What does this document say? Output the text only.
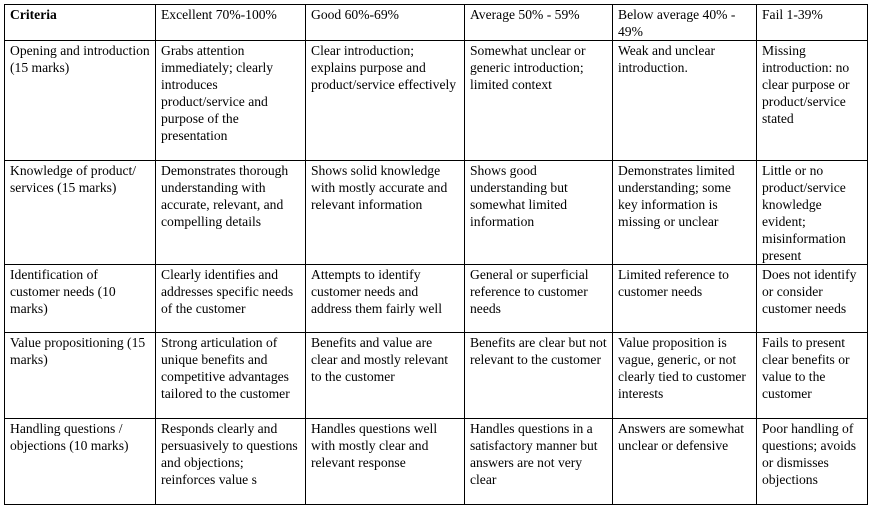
Criteria	Excellent 70%-100%	Good 60%-69%	Average 50% - 59%	Below average 40% - 49%	Fail 1-39%
Opening and introduction (15 marks)	Grabs attention immediately; clearly introduces product/service and purpose of the presentation	Clear introduction; explains purpose and product/service effectively	Somewhat unclear or generic introduction; limited context	Weak and unclear introduction.	Missing introduction: no clear purpose or product/service stated
Knowledge of product/ services (15 marks)	Demonstrates thorough understanding with accurate, relevant, and compelling details	Shows solid knowledge with mostly accurate and relevant information	Shows good understanding but somewhat limited information	Demonstrates limited understanding; some key information is missing or unclear	Little or no product/service knowledge evident; misinformation present
Identification of customer needs (10 marks)	Clearly identifies and addresses specific needs of the customer	Attempts to identify customer needs and address them fairly well	General or superficial reference to customer needs	Limited reference to customer needs	Does not identify or consider customer needs
Value propositioning (15 marks)	Strong articulation of unique benefits and competitive advantages tailored to the customer	Benefits and value are clear and mostly relevant to the customer	Benefits are clear but not relevant to the customer	Value proposition is vague, generic, or not clearly tied to customer interests	Fails to present clear benefits or value to the customer
Handling questions / objections (10 marks)	Responds clearly and persuasively to questions and objections; reinforces value s	Handles questions well with mostly clear and relevant response	Handles questions in a satisfactory manner but answers are not very clear	Answers are somewhat unclear or defensive	Poor handling of questions; avoids or dismisses objections
